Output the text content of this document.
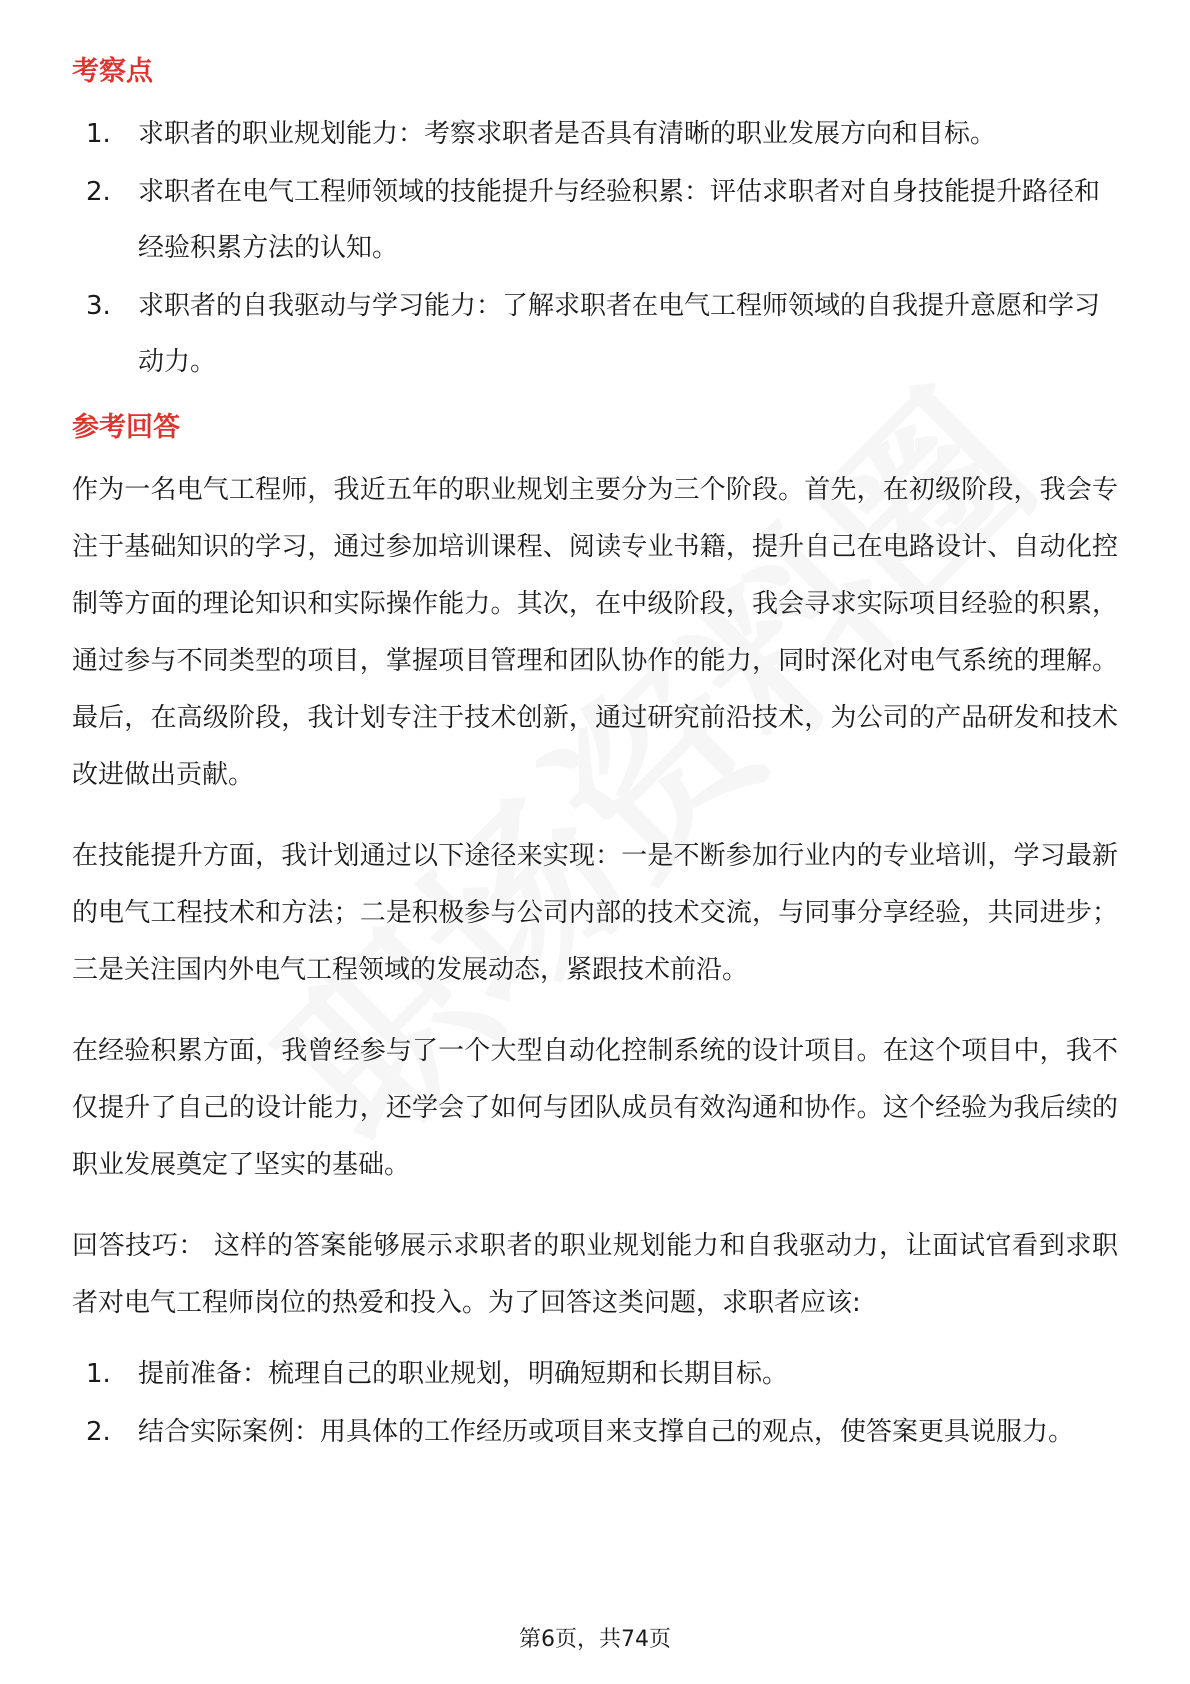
考察点
1.	求职者的职业规划能力：考察求职者是否具有清晰的职业发展方向和目标。
2.	求职者在电气工程师领域的技能提升与经验积累：评估求职者对自身技能提升路径和经验积累方法的认知。
3.	求职者的自我驱动与学习能力：了解求职者在电气工程师领域的自我提升意愿和学习动力。
参考回答

作为一名电气工程师，我近五年的职业规划主要分为三个阶段。首先，在初级阶段，我会专注于基础知识的学习，通过参加培训课程、阅读专业书籍，提升自己在电路设计、自动化控制等方面的理论知识和实际操作能力。其次，在中级阶段，我会寻求实际项目经验的积累，通过参与不同类型的项目，掌握项目管理和团队协作的能力，同时深化对电气系统的理解。最后，在高级阶段，我计划专注于技术创新，通过研究前沿技术，为公司的产品研发和技术改进做出贡献。

在技能提升方面，我计划通过以下途径来实现：一是不断参加行业内的专业培训，学习最新的电气工程技术和方法；二是积极参与公司内部的技术交流，与同事分享经验，共同进步；三是关注国内外电气工程领域的发展动态，紧跟技术前沿。

在经验积累方面，我曾经参与了一个大型自动化控制系统的设计项目。在这个项目中，我不仅提升了自己的设计能力，还学会了如何与团队成员有效沟通和协作。这个经验为我后续的职业发展奠定了坚实的基础。

回答技巧： 这样的答案能够展示求职者的职业规划能力和自我驱动力，让面试官看到求职者对电气工程师岗位的热爱和投入。为了回答这类问题，求职者应该:

1.	提前准备：梳理自己的职业规划，明确短期和长期目标。
2.	结合实际案例：用具体的工作经历或项目来支撑自己的观点，使答案更具说服力。
第6页，共74页
